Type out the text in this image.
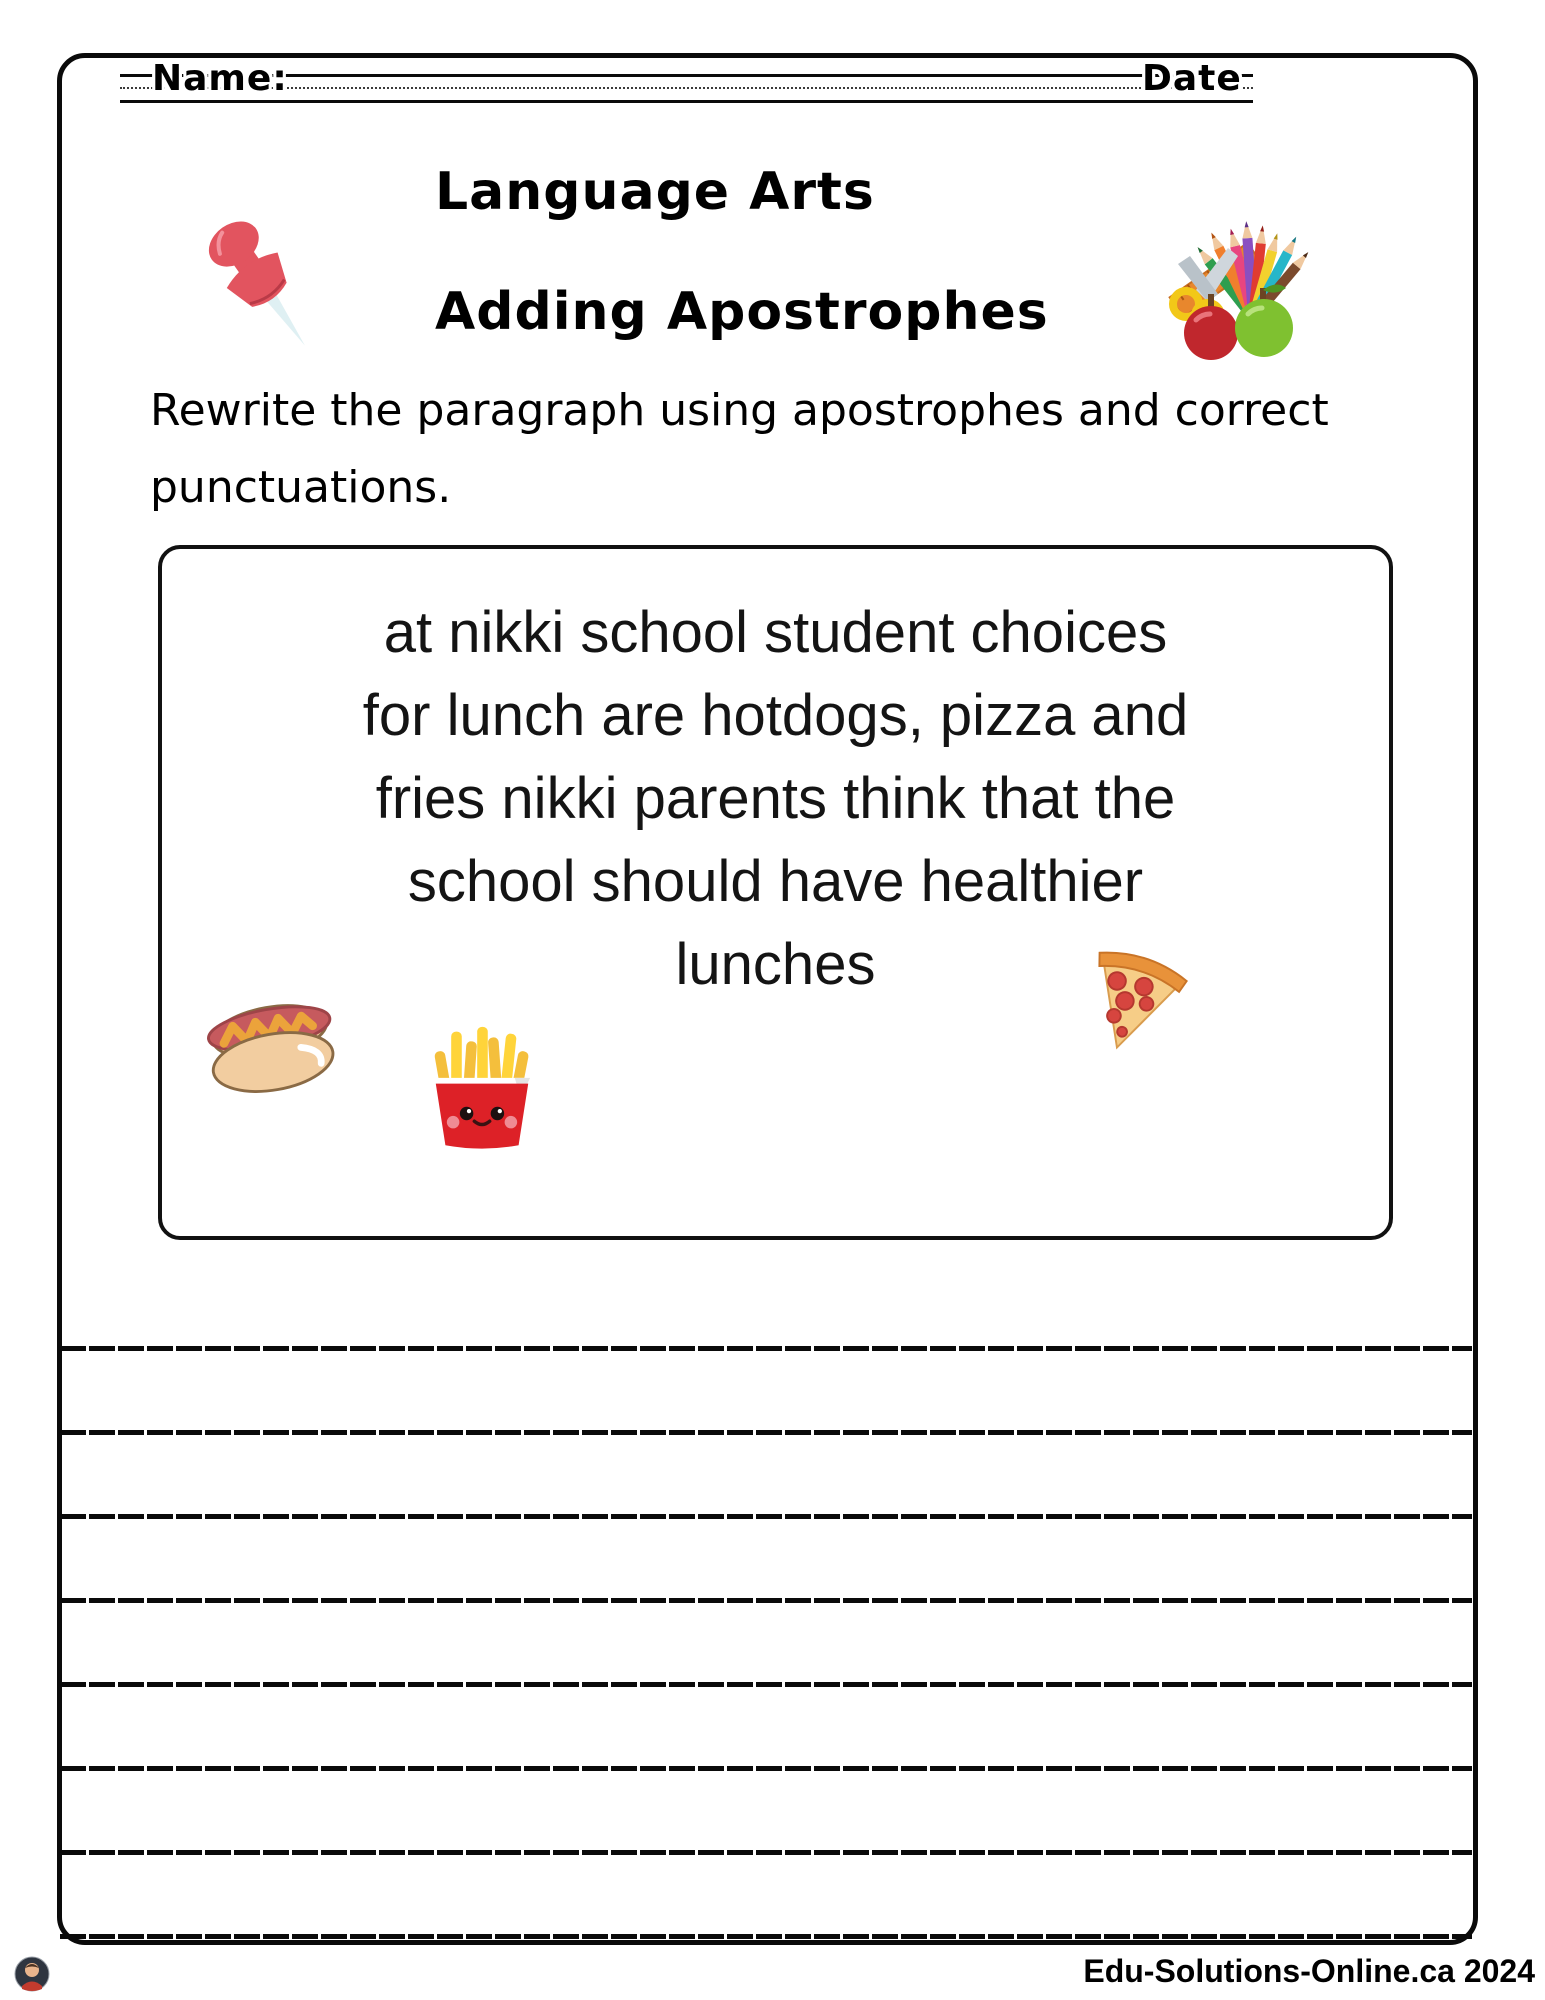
Name:	Date
Language Arts
Adding Apostrophes
Rewrite the paragraph using apostrophes and correct
punctuations.
at nikki school student choices
for lunch are hotdogs, pizza and
fries nikki parents think that the
school should have healthier
lunches
Edu-Solutions-Online.ca 2024
